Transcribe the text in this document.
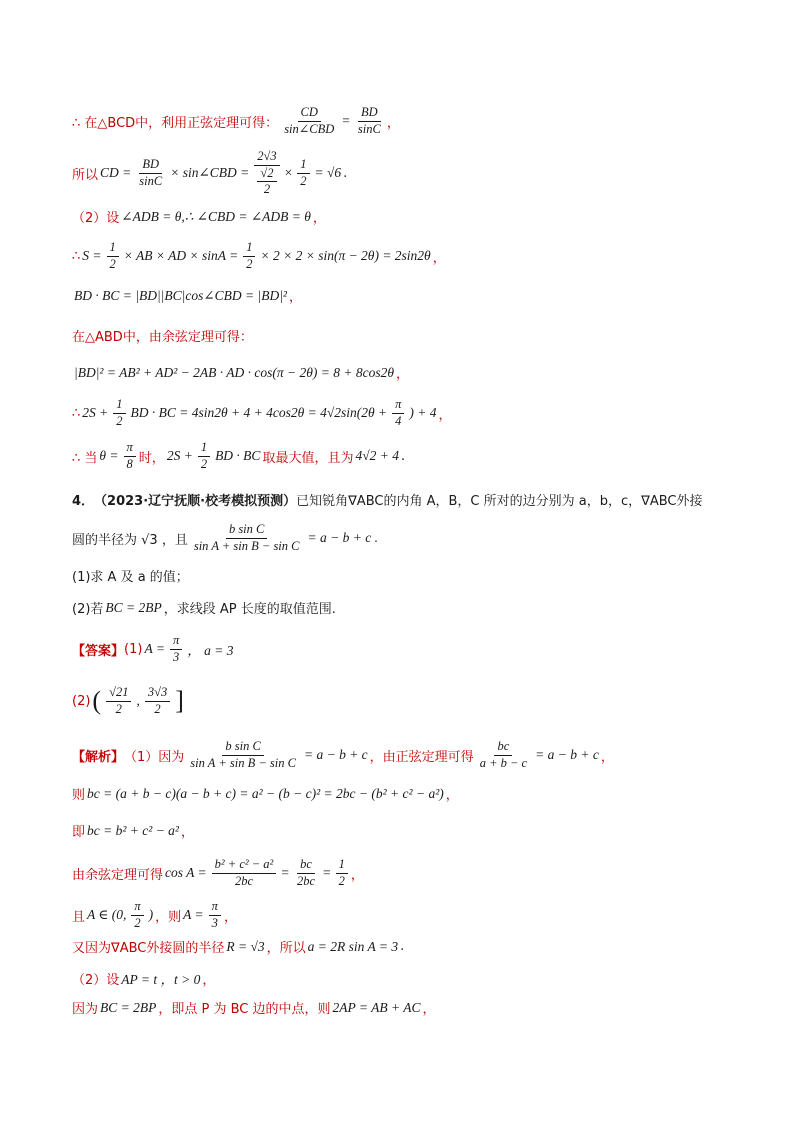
∴ 在△BCD中，利用正弦定理可得： $\frac{CD}{\text{sin∠CBD}} = \frac{BD}{\sin C}$ ，
所以 CD = $\frac{BD}{\sin C}$ × sin∠CBD =
2√3
√2
2
× $\frac{1}{2} = √6$ .
（2）设 ∠ADB = θ,∴ ∠CBD = ∠ADB = θ ，
∴ $S = \frac{1}{2}$ × AB × AD × $\sin A = \frac{1}{2} \times 2 \times 2 \times \sin(\pi - 2\theta) = 2\sin 2\theta$ ，
BD · BC = |BD||BC|cos∠CBD = |BD|² ，
在△ABD中，由余弦定理可得：
|BD|² = AB² + AD² − 2AB · AD · cos(π − 2θ) = 8 + 8cos2θ ，
∴ $2S + \frac{1}{2}$ BD · BC = $4\sin 2\theta + 4 + 4\cos 2\theta = 4√2\sin(2\theta + \frac{\pi}{4}$ ) + 4 ，
∴ 当 $\theta = \frac{\pi}{8}$ 时， $2S + \frac{1}{2}$ BD · BC 取最大值，且为 4√2 + 4 .
4． （2023·辽宁抚顺·校考模拟预测） 已知锐角∇ABC的内角 A，B，C 所对的边分别为 a，b，c，∇ABC外接
圆的半径为 √3 ，且 $\frac{\text{b sin C}}{\text{sin A + sin B − sin C}} = a - b + c$ .
(1)求 A 及 a 的值；
(2)若 BC = 2BP ，求线段 AP 长度的取值范围.
【答案】 (1) $A = \frac{\pi}{3}$ ， a = 3
(2) ( $\frac{√21}{2}$ , $\frac{3√3}{2}$ ]
【解析】 （1）因为 $\frac{\text{b sin C}}{\text{sin A + sin B − sin C}} = a - b + c$ ，由正弦定理可得 $\frac{bc}{a + b - c} = a - b + c$ ，
则 bc = (a + b − c)(a − b + c) = a² − (b − c)² = 2bc − (b² + c² − a²) ，
即 bc = b² + c² − a² ，
由余弦定理可得 $\cos A = \frac{\text{b² + c² − a²}}{2bc} = \frac{bc}{2bc} = \frac{1}{2}$ ，
且 A ∈ (0, $\frac{\pi}{2}$ ) ，则 $A = \frac{\pi}{3}$ ，
又因为∇ABC外接圆的半径 R = √3 ，所以 a = 2R sin A = 3 .
（2）设 AP = t ，t > 0 ，
因为 BC = 2BP ，即点 P 为 BC 边的中点，则 2AP = AB + AC ，
